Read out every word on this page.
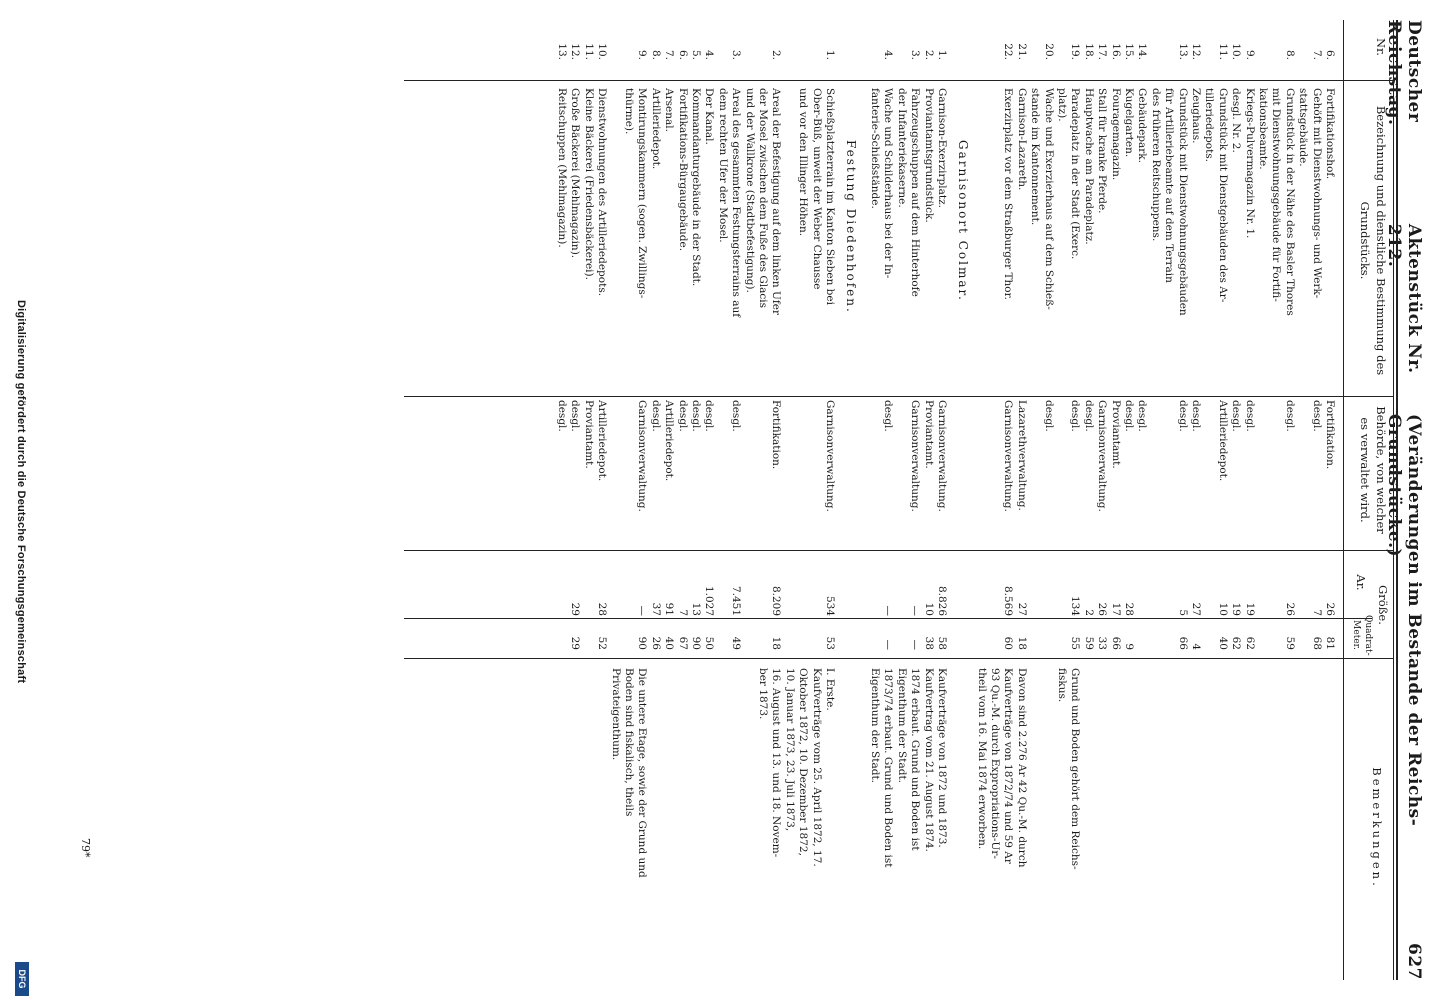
Deutscher Reichstag.
Aktenstück Nr. 212.
(Veränderungen im Bestande der Reichs-Grundstücke.)
627
Nr.
Bezeichnung und dienstliche Bestimmung des Grundstücks.
Behörde, von welcher es verwaltet wird.
Größe.
Ar.
Quadrat-Meter.
Bemerkungen.
6.
Fortifikationshof.
Fortifikation.
26
81
7.
Gehöft mit Dienstwohnungs- und Werk-
desgl.
7
68
stattsgebäude.
8.
Grundstück in der Nähe des Basler Thores
desgl.
26
59
mit Dienstwohnungsgebäude für Fortifi-
kationsbeamte.
9.
Kriegs-Pulvermagazin Nr. 1.
desgl.
19
62
10.
desgl. Nr. 2.
desgl.
19
62
11.
Grundstück mit Dienstgebäuden des Ar-
Artilleriedepot.
10
40
tilleriedepots.
12.
Zeughaus.
desgl.
27
4
13.
Grundstück mit Dienstwohnungsgebäuden
desgl.
5
66
für Artilleriebeamte auf dem Terrain
des früheren Reitschuppens.
14.
Gebäudepark.
desgl.
15.
Kugelgarten.
desgl.
28
9
16.
Fouragemagazin.
Proviantamt.
17
66
17.
Stall für kranke Pferde.
Garnisonverwaltung.
26
33
18.
Hauptwache am Paradeplatz.
desgl.
2
59
19.
Paradeplatz in der Stadt (Exerc.
desgl.
134
55
Grund und Boden gehört dem Reichs-
platz).
fiskus.
20.
Wache und Exerzierhaus auf dem Schieß-
desgl.
stande im Kantonnement.
21.
Garnison-Lazareth.
Lazarethverwaltung.
27
18
Davon sind 2.276 Ar 42 Qu.-M. durch
22.
Exerzirplatz vor dem Straßburger Thor.
Garnisonverwaltung.
8.569
60
Kaufverträge von 1872/74 und 59 Ar
93 Qu.-M. durch Expropriations-Ur-
theil vom 16. Mai 1874 erworben.
Garnisonort Colmar.
1.
Garnison-Exerzirplatz.
Garnisonverwaltung.
8.826
58
Kaufverträge von 1872 und 1873.
2.
Proviantamtsgrundstück.
Proviantamt.
10
38
Kaufvertrag vom 21. August 1874.
3.
Fahrzeugschuppen auf dem Hinterhofe
Garnisonverwaltung.
—
—
1874 erbaut. Grund und Boden ist
der Infanteriekaserne.
Eigenthum der Stadt.
4.
Wache und Schilderhaus bei der In-
desgl.
—
—
1873/74 erbaut. Grund und Boden ist
fanterie-Schießstände.
Eigenthum der Stadt.
Festung Diedenhofen.
1.
Schießplatzterrain im Kanton Sieben bei
Garnisonverwaltung.
534
53
I. Erste.
Ober-Büß, unweit der Weber Chausse
Kaufverträge vom 25. April 1872, 17.
und vor den Illinger Höhen.
Oktober 1872, 10. Dezember 1872,
10. Januar 1873, 23. Juli 1873,
2.
Areal der Befestigung auf dem linken Ufer
Fortifikation.
8.209
18
16. August und 13. und 18. Novem-
der Mosel zwischen dem Fuße des Glacis
ber 1873.
und der Wallkrone (Stadtbefestigung).
3.
Areal des gesammten Festungsterrains auf
desgl.
7.451
49
dem rechten Ufer der Mosel.
4.
Der Kanal.
desgl.
1.027
50
5.
Kommandanturgebäude in der Stadt.
desgl.
13
90
6.
Fortifikations-Bürgaugebäude.
desgl.
7
67
7.
Arsenal.
Artilleriedepot.
91
40
8.
Artilleriedepot.
desgl.
37
26
9.
Montirungskammern (sogen. Zwillings-
Garnisonverwaltung.
—
90
Die untere Etage, sowie der Grund und
thürme).
Boden sind fiskalisch, theils
Privateigenthum.
10.
Dienstwohnungen des Artilleriedepots.
Artilleriedepot.
28
52
11.
Kleine Bäckerei (Friedensbäckerei).
Proviantamt.
12.
Große Bäckerei (Mehlmagazin).
desgl.
29
29
13.
Reitschuppen (Mehlmagazin).
desgl.
79*
Digitalisierung gefördert durch die Deutsche Forschungsgemeinschaft
DFG
